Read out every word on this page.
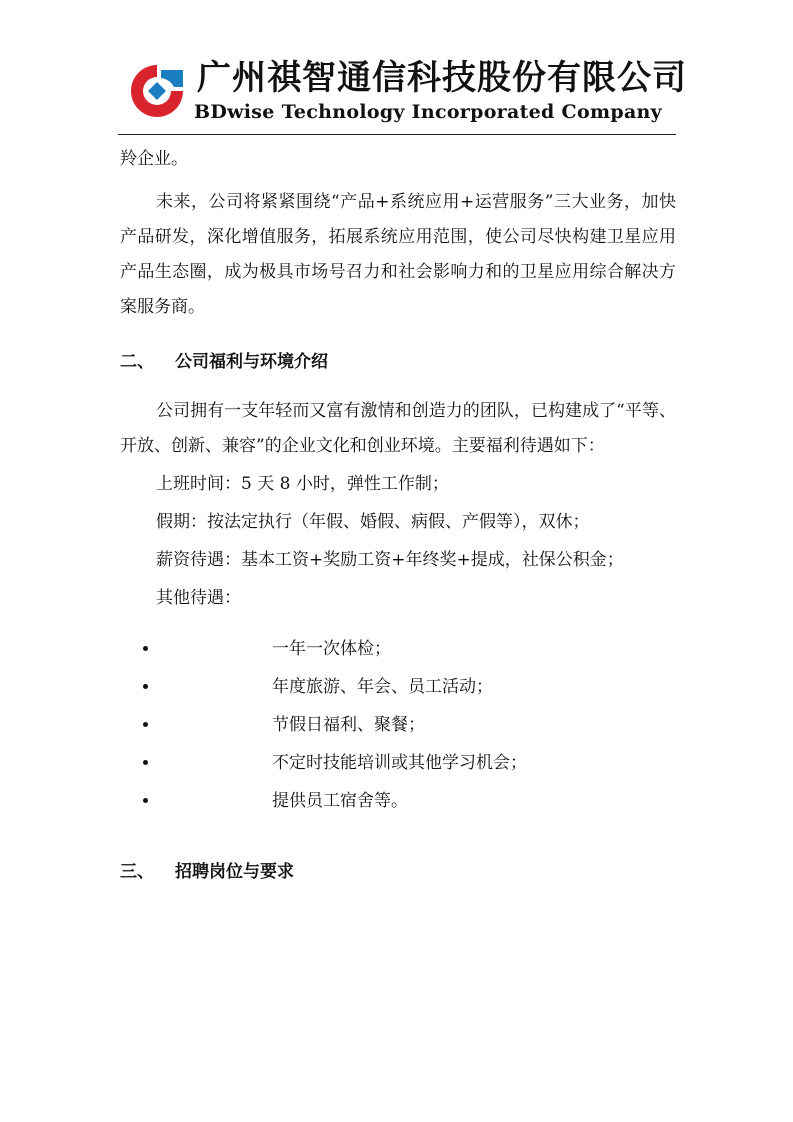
广州祺智通信科技股份有限公司
BDwise Technology Incorporated Company

羚企业。

未来，公司将紧紧围绕“产品+系统应用+运营服务”三大业务，加快产品研发，深化增值服务，拓展系统应用范围，使公司尽快构建卫星应用产品生态圈，成为极具市场号召力和社会影响力和的卫星应用综合解决方案服务商。

二、 公司福利与环境介绍

公司拥有一支年轻而又富有激情和创造力的团队，已构建成了“平等、开放、创新、兼容”的企业文化和创业环境。主要福利待遇如下：

上班时间：5 天 8 小时，弹性工作制；
假期：按法定执行（年假、婚假、病假、产假等），双休；
薪资待遇：基本工资+奖励工资+年终奖+提成，社保公积金；
其他待遇：
• 一年一次体检；
• 年度旅游、年会、员工活动；
• 节假日福利、聚餐；
• 不定时技能培训或其他学习机会；
• 提供员工宿舍等。

三、 招聘岗位与要求
